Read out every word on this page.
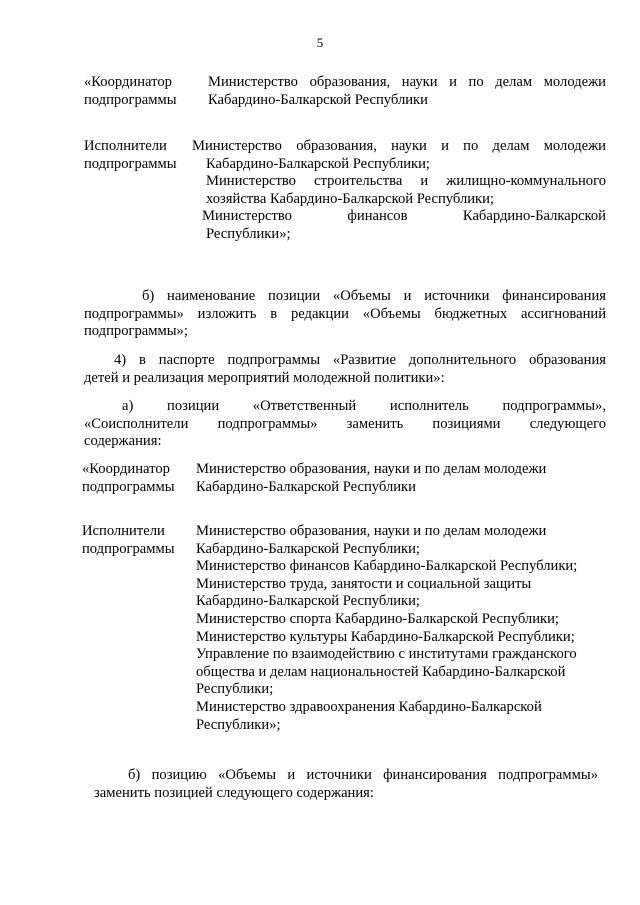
5
«Координатор
подпрограммы

Министерство образования, науки и по делам молодежи

Кабардино-Балкарской Республики

Исполнители
подпрограммы

Министерство образования, науки и по делам молодежи

Кабардино-Балкарской Республики;

Министерство строительства и жилищно-коммунального

хозяйства Кабардино-Балкарской Республики;

Министерство финансов Кабардино-Балкарской

Республики»;

б) наименование позиции «Объемы и источники финансирования

подпрограммы» изложить в редакции «Объемы бюджетных ассигнований

подпрограммы»;

4) в паспорте подпрограммы «Развитие дополнительного образования

детей и реализация мероприятий молодежной политики»:

а) позиции «Ответственный исполнитель подпрограммы»,

«Соисполнители подпрограммы» заменить позициями следующего

содержания:

«Координатор
подпрограммы

Министерство образования, науки и по делам молодежи

Кабардино-Балкарской Республики

Исполнители
подпрограммы

Министерство образования, науки и по делам молодежи

Кабардино-Балкарской Республики;

Министерство финансов Кабардино-Балкарской Республики;

Министерство труда, занятости и социальной защиты

Кабардино-Балкарской Республики;

Министерство спорта Кабардино-Балкарской Республики;

Министерство культуры Кабардино-Балкарской Республики;

Управление по взаимодействию с институтами гражданского

общества и делам национальностей Кабардино-Балкарской

Республики;

Министерство здравоохранения Кабардино-Балкарской

Республики»;

б) позицию «Объемы и источники финансирования подпрограммы»

заменить позицией следующего содержания:
